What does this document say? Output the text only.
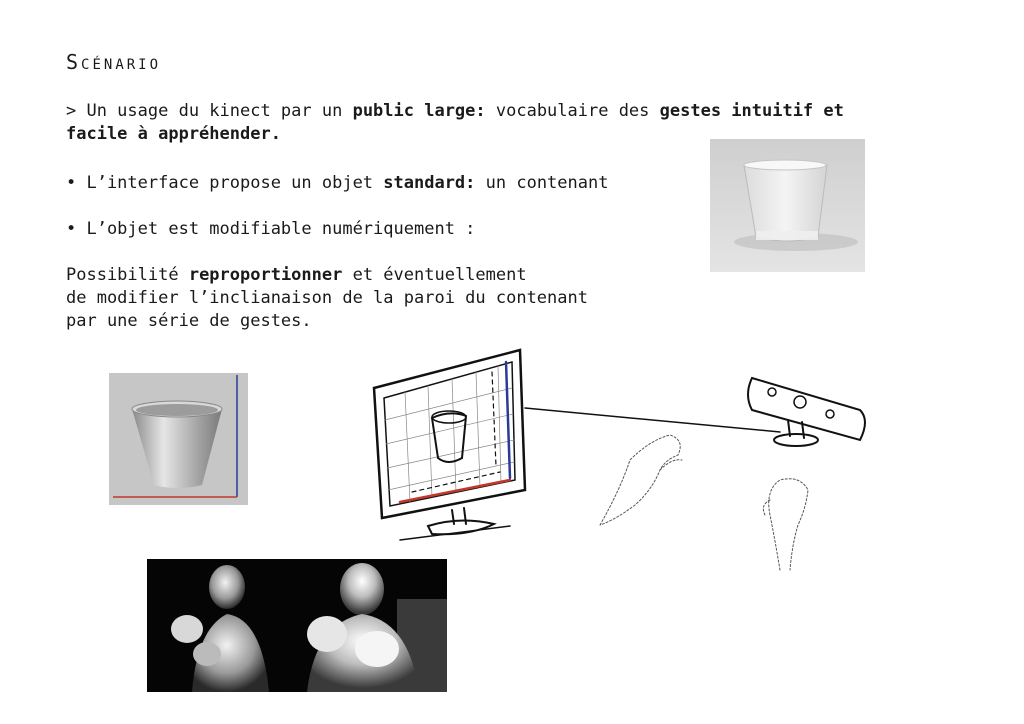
Scénario
> Un usage du kinect par un public large: vocabulaire des gestes intuitif et
facile à appréhender.
• L’interface propose un objet standard: un contenant
• L’objet est modifiable numériquement :
Possibilité reproportionner et éventuellement
de modifier l’inclianaison de la paroi du contenant
par une série de gestes.
